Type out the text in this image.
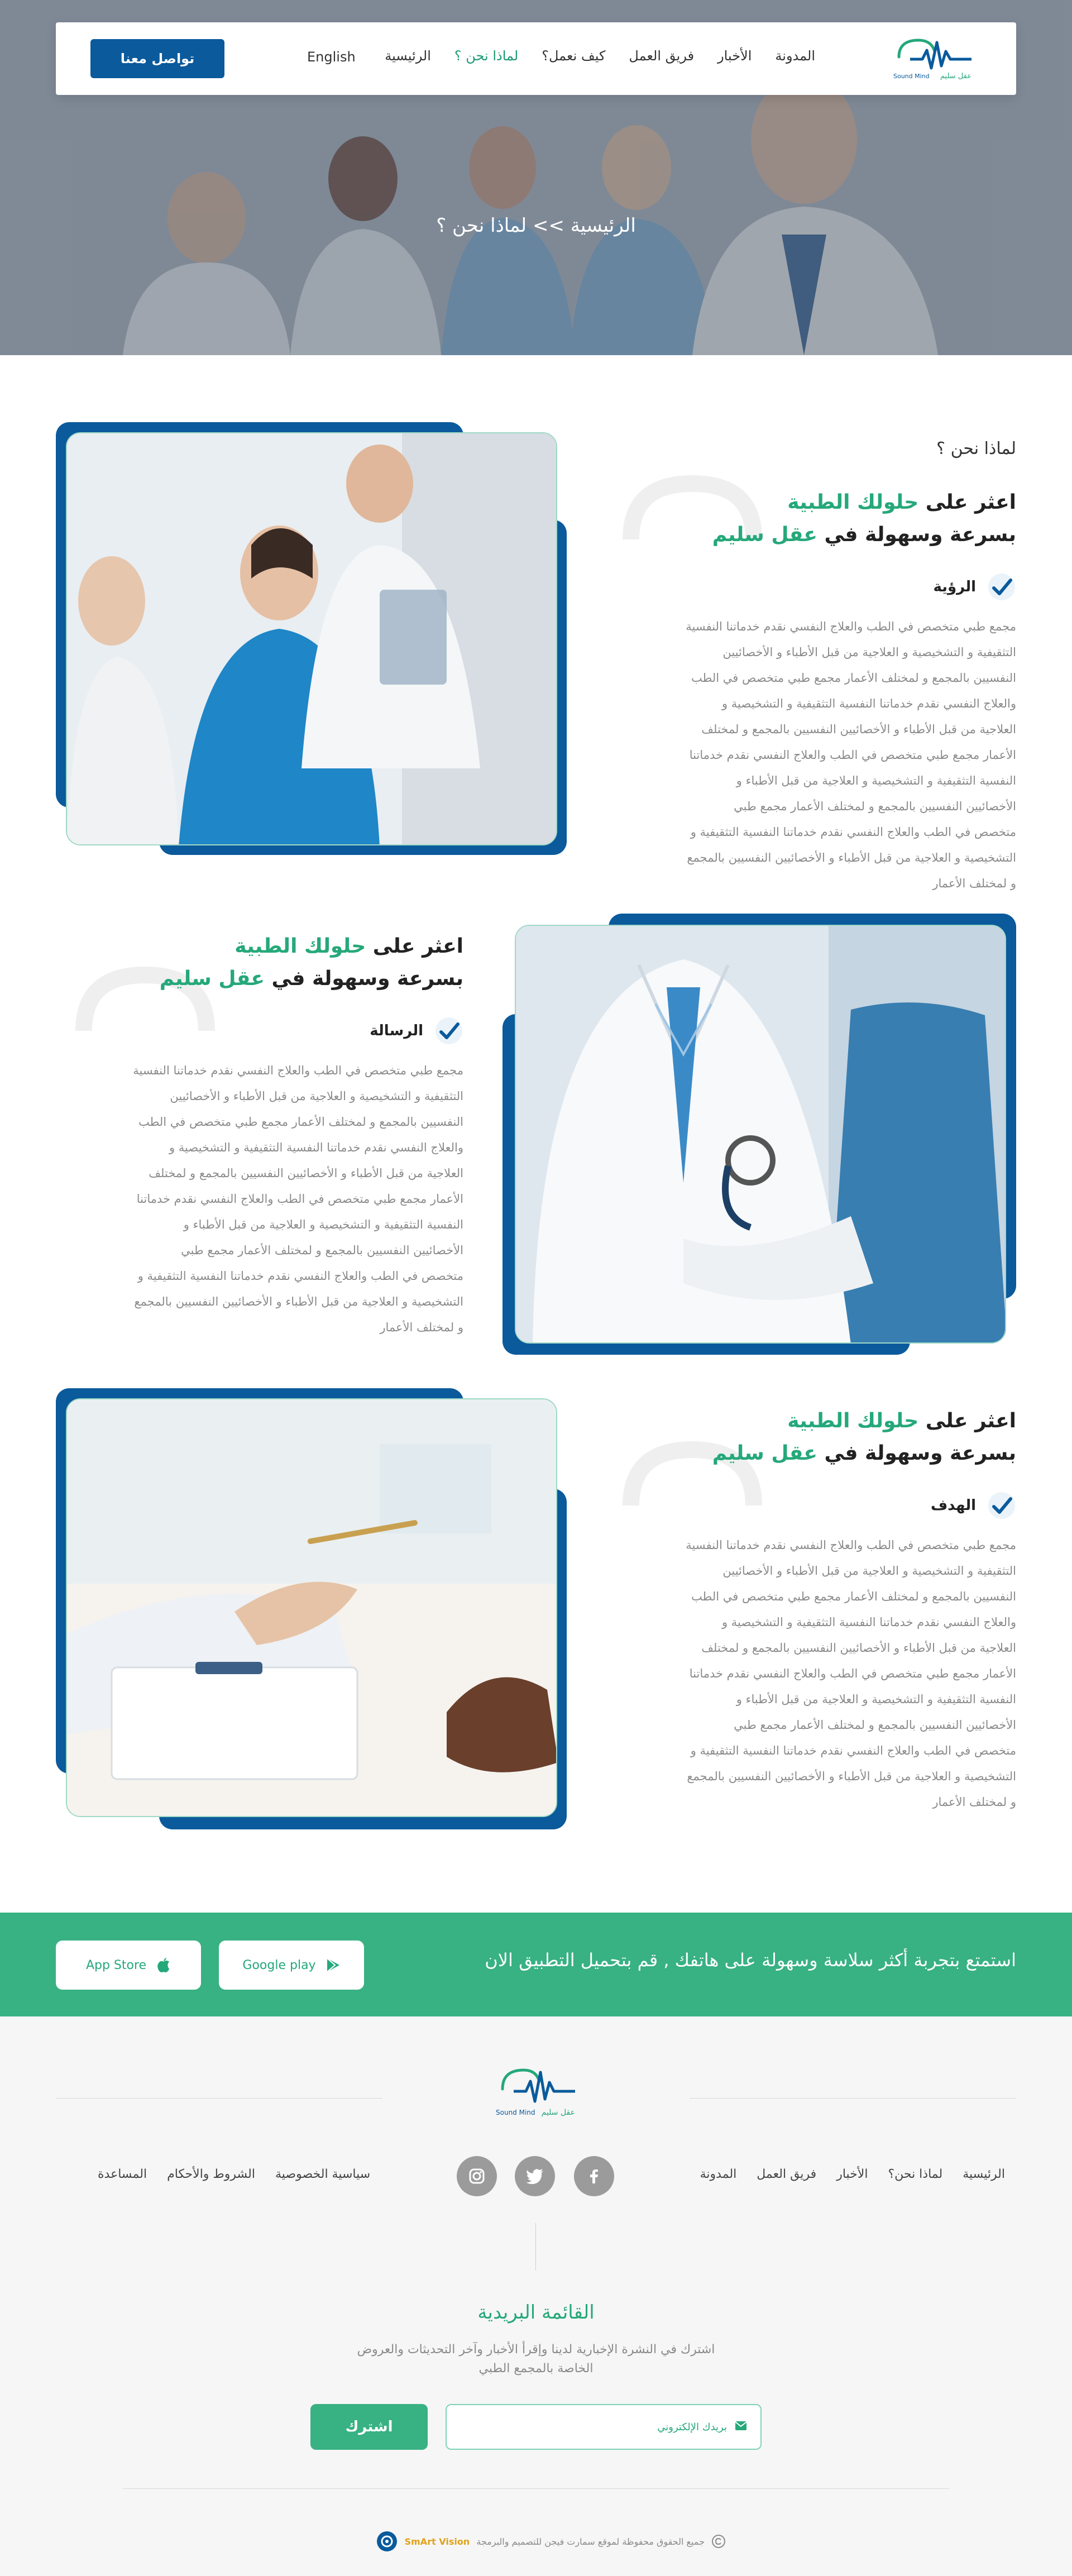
الرئيسية >> لماذا نحن ؟
تواصل معنا	English الرئيسية لماذا نحن ؟ كيف نعمل؟ فريق العمل الأخبار المدونة
عقل سليم
Sound Mind
لماذا نحن ؟
اعثر على حلولك الطبية
بسرعة وسهولة في عقل سليم
الرؤية
مجمع طبي متخصص في الطب والعلاج النفسي نقدم خدماتنا النفسية
التثقيفية و التشخيصية و العلاجية من قبل الأطباء و الأخصائيين
النفسيين بالمجمع و لمختلف الأعمار مجمع طبي متخصص في الطب
والعلاج النفسي نقدم خدماتنا النفسية التثقيفية و التشخيصية و
العلاجية من قبل الأطباء و الأخصائيين النفسيين بالمجمع و لمختلف
الأعمار مجمع طبي متخصص في الطب والعلاج النفسي نقدم خدماتنا
النفسية التثقيفية و التشخيصية و العلاجية من قبل الأطباء و
الأخصائيين النفسيين بالمجمع و لمختلف الأعمار مجمع طبي
متخصص في الطب والعلاج النفسي نقدم خدماتنا النفسية التثقيفية و
التشخيصية و العلاجية من قبل الأطباء و الأخصائيين النفسيين بالمجمع
و لمختلف الأعمار
اعثر على حلولك الطبية
بسرعة وسهولة في عقل سليم
الرسالة
مجمع طبي متخصص في الطب والعلاج النفسي نقدم خدماتنا النفسية
التثقيفية و التشخيصية و العلاجية من قبل الأطباء و الأخصائيين
النفسيين بالمجمع و لمختلف الأعمار مجمع طبي متخصص في الطب
والعلاج النفسي نقدم خدماتنا النفسية التثقيفية و التشخيصية و
العلاجية من قبل الأطباء و الأخصائيين النفسيين بالمجمع و لمختلف
الأعمار مجمع طبي متخصص في الطب والعلاج النفسي نقدم خدماتنا
النفسية التثقيفية و التشخيصية و العلاجية من قبل الأطباء و
الأخصائيين النفسيين بالمجمع و لمختلف الأعمار مجمع طبي
متخصص في الطب والعلاج النفسي نقدم خدماتنا النفسية التثقيفية و
التشخيصية و العلاجية من قبل الأطباء و الأخصائيين النفسيين بالمجمع
و لمختلف الأعمار
اعثر على حلولك الطبية
بسرعة وسهولة في عقل سليم
الهدف
مجمع طبي متخصص في الطب والعلاج النفسي نقدم خدماتنا النفسية
التثقيفية و التشخيصية و العلاجية من قبل الأطباء و الأخصائيين
النفسيين بالمجمع و لمختلف الأعمار مجمع طبي متخصص في الطب
والعلاج النفسي نقدم خدماتنا النفسية التثقيفية و التشخيصية و
العلاجية من قبل الأطباء و الأخصائيين النفسيين بالمجمع و لمختلف
الأعمار مجمع طبي متخصص في الطب والعلاج النفسي نقدم خدماتنا
النفسية التثقيفية و التشخيصية و العلاجية من قبل الأطباء و
الأخصائيين النفسيين بالمجمع و لمختلف الأعمار مجمع طبي
متخصص في الطب والعلاج النفسي نقدم خدماتنا النفسية التثقيفية و
التشخيصية و العلاجية من قبل الأطباء و الأخصائيين النفسيين بالمجمع
و لمختلف الأعمار
استمتع بتجربة أكثر سلاسة وسهولة على هاتفك , قم بتحميل التطبيق الان
Google play
App Store
عقل سليم
Sound Mind
الرئيسية
لماذا نحن؟
الأخبار
فريق العمل
المدونة
سياسية الخصوصية
الشروط والأحكام
المساعدة
القائمة البريدية
اشترك في النشرة الإخبارية لدينا وإقرأ الأخبار وآخر التحديثات والعروض الخاصة بالمجمع الطبي
بريدك الإلكتروني
اشترك
جميع الحقوق محفوظة لموقع سمارت فيجن للتصميم والبرمجة
SmArt Vision
